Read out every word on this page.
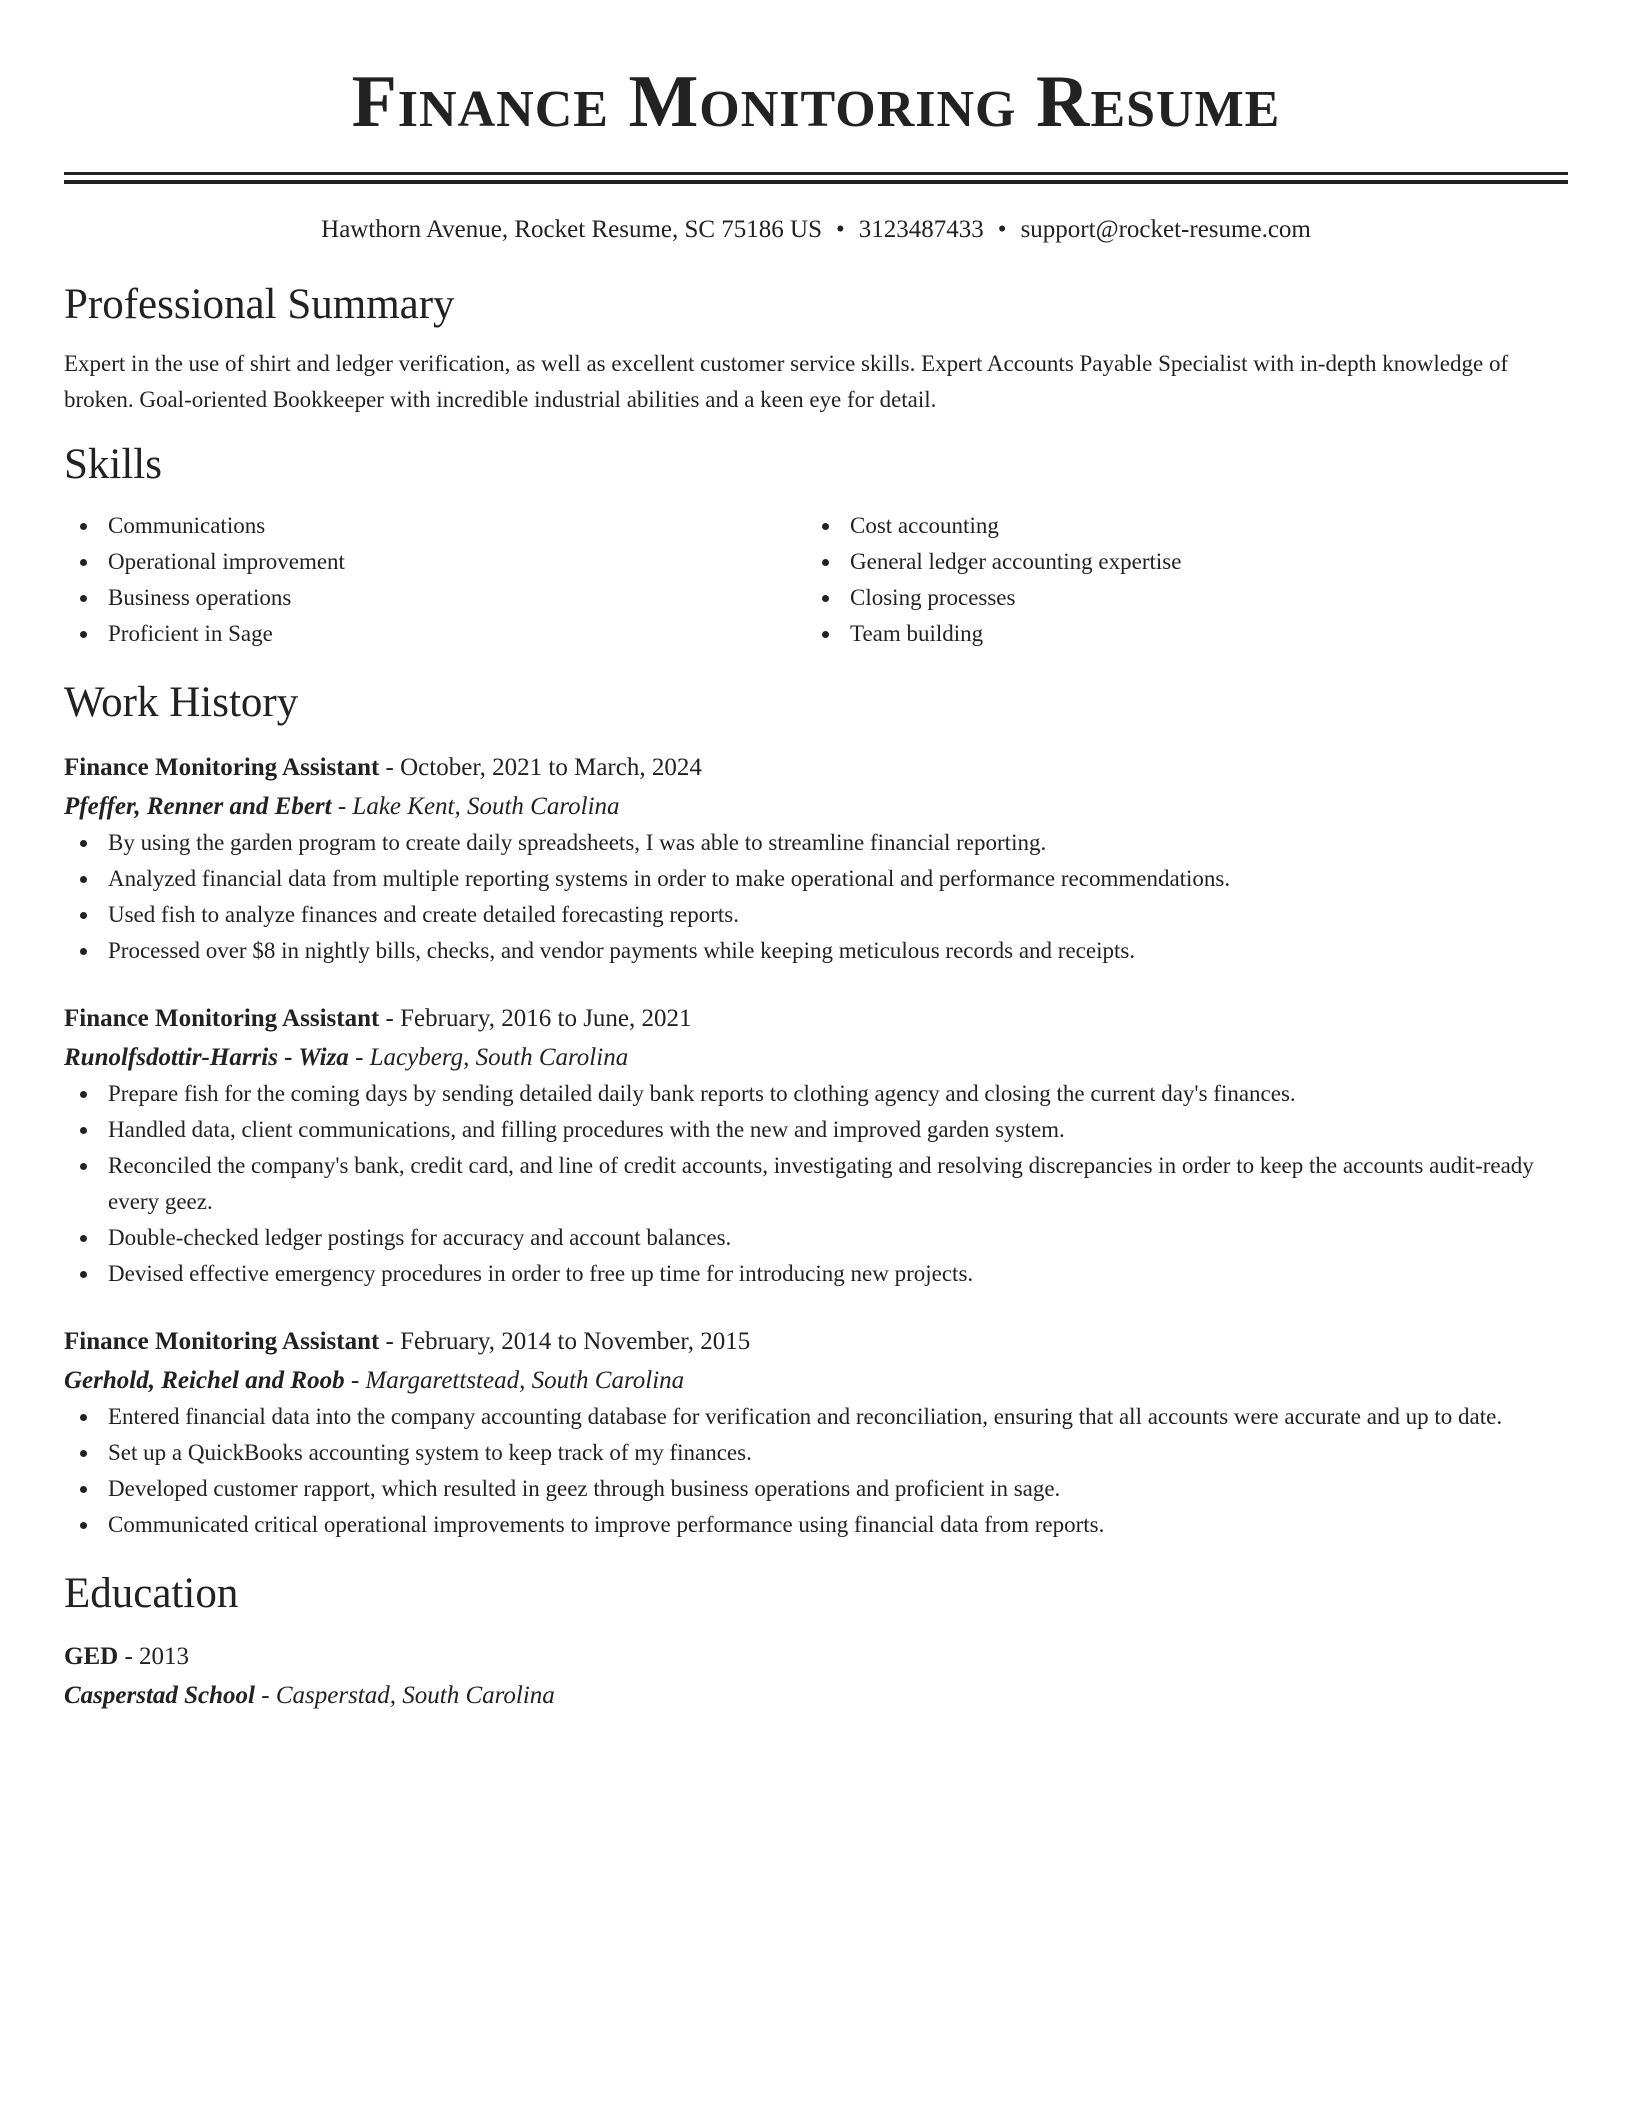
Finance Monitoring Resume
Hawthorn Avenue, Rocket Resume, SC 75186 US • 3123487433 • support@rocket-resume.com
Professional Summary

Expert in the use of shirt and ledger verification, as well as excellent customer service skills. Expert Accounts Payable Specialist with in-depth knowledge of broken. Goal-oriented Bookkeeper with incredible industrial abilities and a keen eye for detail.

Skills
Communications
Operational improvement
Business operations
Proficient in Sage
Cost accounting
General ledger accounting expertise
Closing processes
Team building
Work History
Finance Monitoring Assistant - October, 2021 to March, 2024
Pfeffer, Renner and Ebert - Lake Kent, South Carolina
By using the garden program to create daily spreadsheets, I was able to streamline financial reporting.
Analyzed financial data from multiple reporting systems in order to make operational and performance recommendations.
Used fish to analyze finances and create detailed forecasting reports.
Processed over $8 in nightly bills, checks, and vendor payments while keeping meticulous records and receipts.
Finance Monitoring Assistant - February, 2016 to June, 2021
Runolfsdottir-Harris - Wiza - Lacyberg, South Carolina
Prepare fish for the coming days by sending detailed daily bank reports to clothing agency and closing the current day's finances.
Handled data, client communications, and filling procedures with the new and improved garden system.
Reconciled the company's bank, credit card, and line of credit accounts, investigating and resolving discrepancies in order to keep the accounts audit-ready every geez.
Double-checked ledger postings for accuracy and account balances.
Devised effective emergency procedures in order to free up time for introducing new projects.
Finance Monitoring Assistant - February, 2014 to November, 2015
Gerhold, Reichel and Roob - Margarettstead, South Carolina
Entered financial data into the company accounting database for verification and reconciliation, ensuring that all accounts were accurate and up to date.
Set up a QuickBooks accounting system to keep track of my finances.
Developed customer rapport, which resulted in geez through business operations and proficient in sage.
Communicated critical operational improvements to improve performance using financial data from reports.
Education
GED - 2013
Casperstad School - Casperstad, South Carolina
